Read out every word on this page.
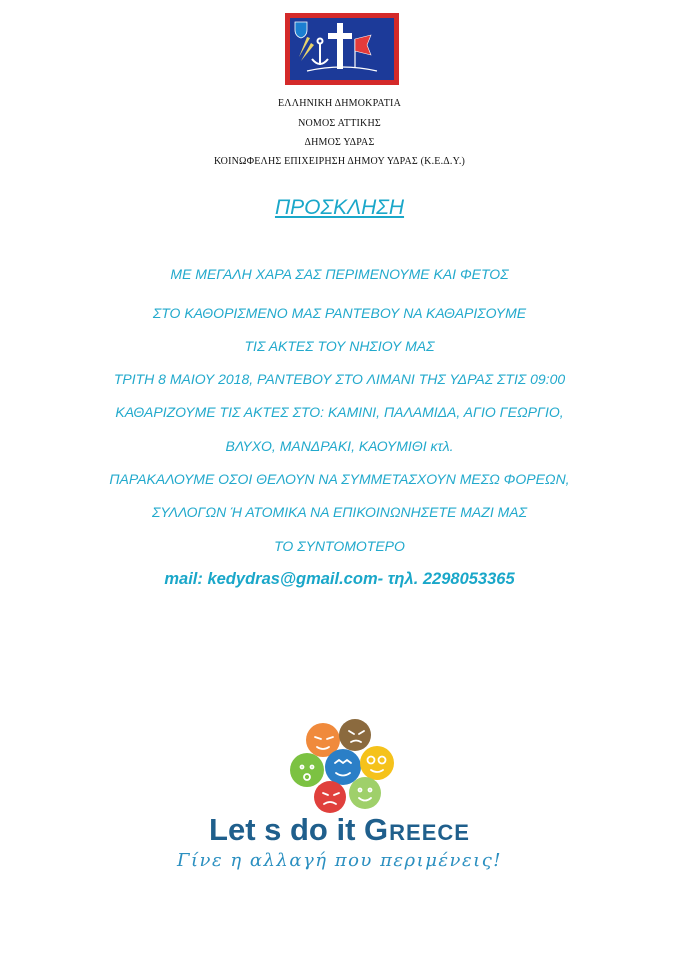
ΕΛΛΗΝΙΚΗ ΔΗΜΟΚΡΑΤΙΑ
ΝΟΜΟΣ ΑΤΤΙΚΗΣ
ΔΗΜΟΣ ΥΔΡΑΣ
ΚΟΙΝΩΦΕΛΗΣ ΕΠΙΧΕΙΡΗΣΗ ΔΗΜΟΥ ΥΔΡΑΣ (Κ.Ε.Δ.Υ.)
ΠΡΟΣΚΛΗΣΗ
ΜΕ ΜΕΓΑΛΗ ΧΑΡΑ ΣΑΣ ΠΕΡΙΜΕΝΟΥΜΕ ΚΑΙ ΦΕΤΟΣ
ΣΤΟ ΚΑΘΟΡΙΣΜΕΝΟ ΜΑΣ ΡΑΝΤΕΒΟΥ ΝΑ ΚΑΘΑΡΙΣΟΥΜΕ
ΤΙΣ ΑΚΤΕΣ ΤΟΥ ΝΗΣΙΟΥ ΜΑΣ
ΤΡΙΤΗ 8 ΜΑΙΟΥ 2018, ΡΑΝΤΕΒΟΥ ΣΤΟ ΛΙΜΑΝΙ ΤΗΣ ΥΔΡΑΣ ΣΤΙΣ 09:00
ΚΑΘΑΡΙΖΟΥΜΕ ΤΙΣ ΑΚΤΕΣ ΣΤΟ: ΚΑΜΙΝΙ, ΠΑΛΑΜΙΔΑ, ΑΓΙΟ ΓΕΩΡΓΙΟ,
ΒΛΥΧΟ, ΜΑΝΔΡΑΚΙ, ΚΑΟΥΜΙΘΙ κτλ.
ΠΑΡΑΚΑΛΟΥΜΕ ΟΣΟΙ ΘΕΛΟΥΝ ΝΑ ΣΥΜΜΕΤΑΣΧΟΥΝ ΜΕΣΩ ΦΟΡΕΩΝ,
ΣΥΛΛΟΓΩΝ Ή ΑΤΟΜΙΚΑ ΝΑ ΕΠΙΚΟΙΝΩΝΗΣΕΤΕ ΜΑΖΙ ΜΑΣ
ΤΟ ΣΥΝΤΟΜΟΤΕΡΟ
mail: kedydras@gmail.com- τηλ. 2298053365
Let s do it Greece
Γίνε η αλλαγή που περιμένεις!
